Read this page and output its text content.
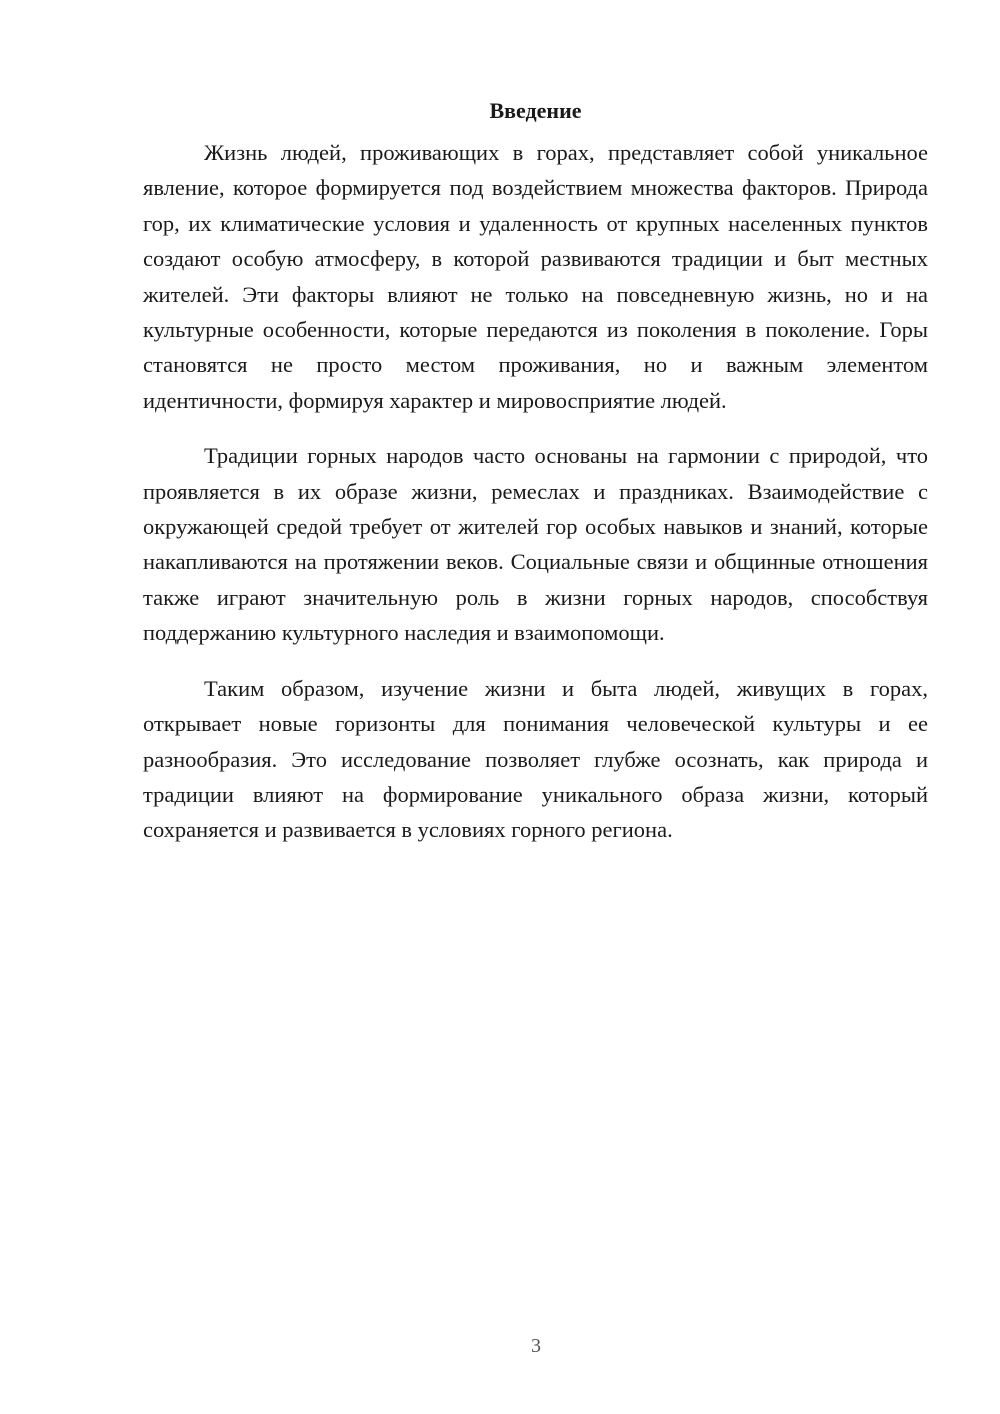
Введение

Жизнь людей, проживающих в горах, представляет собой уникальное явление, которое формируется под воздействием множества факторов. Природа гор, их климатические условия и удаленность от крупных населенных пунктов создают особую атмосферу, в которой развиваются традиции и быт местных жителей. Эти факторы влияют не только на повседневную жизнь, но и на культурные особенности, которые передаются из поколения в поколение. Горы становятся не просто местом проживания, но и важным элементом идентичности, формируя характер и мировосприятие людей.

Традиции горных народов часто основаны на гармонии с природой, что проявляется в их образе жизни, ремеслах и праздниках. Взаимодействие с окружающей средой требует от жителей гор особых навыков и знаний, которые накапливаются на протяжении веков. Социальные связи и общинные отношения также играют значительную роль в жизни горных народов, способствуя поддержанию культурного наследия и взаимопомощи.

Таким образом, изучение жизни и быта людей, живущих в горах, открывает новые горизонты для понимания человеческой культуры и ее разнообразия. Это исследование позволяет глубже осознать, как природа и традиции влияют на формирование уникального образа жизни, который сохраняется и развивается в условиях горного региона.

3
